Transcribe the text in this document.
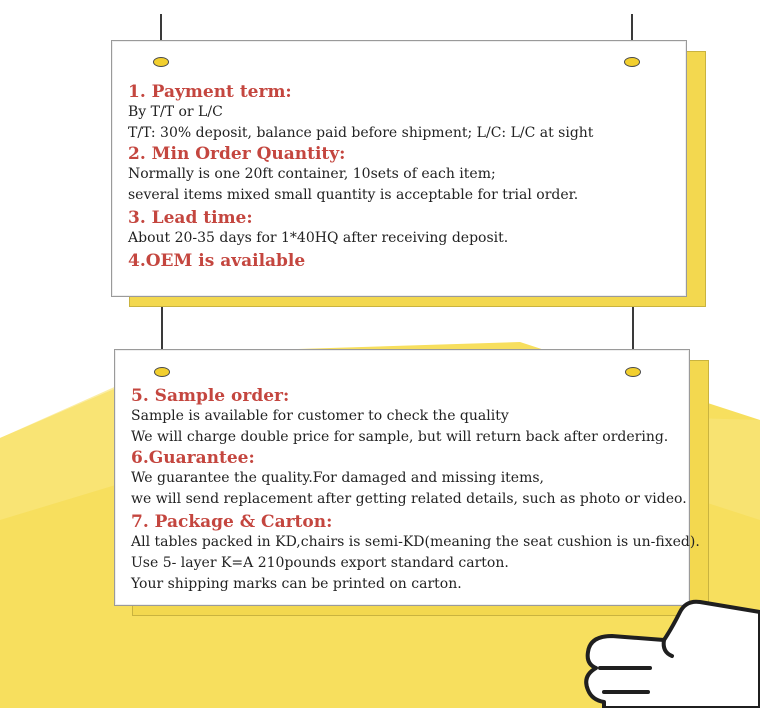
1. Payment term:

By T/T or L/C

T/T: 30% deposit, balance paid before shipment; L/C: L/C at sight

2. Min Order Quantity:

Normally is one 20ft container, 10sets of each item;

several items mixed small quantity is acceptable for trial order.

3. Lead time:

About 20-35 days for 1*40HQ after receiving deposit.

4.OEM is available

5. Sample order:

Sample is available for customer to check the quality

We will charge double price for sample, but will return back after ordering.

6.Guarantee:

We guarantee the quality.For damaged and missing items,

we will send replacement after getting related details, such as photo or video.

7. Package & Carton:

All tables packed in KD,chairs is semi-KD(meaning the seat cushion is un-fixed).

Use 5- layer K=A 210pounds export standard carton.

Your shipping marks can be printed on carton.
